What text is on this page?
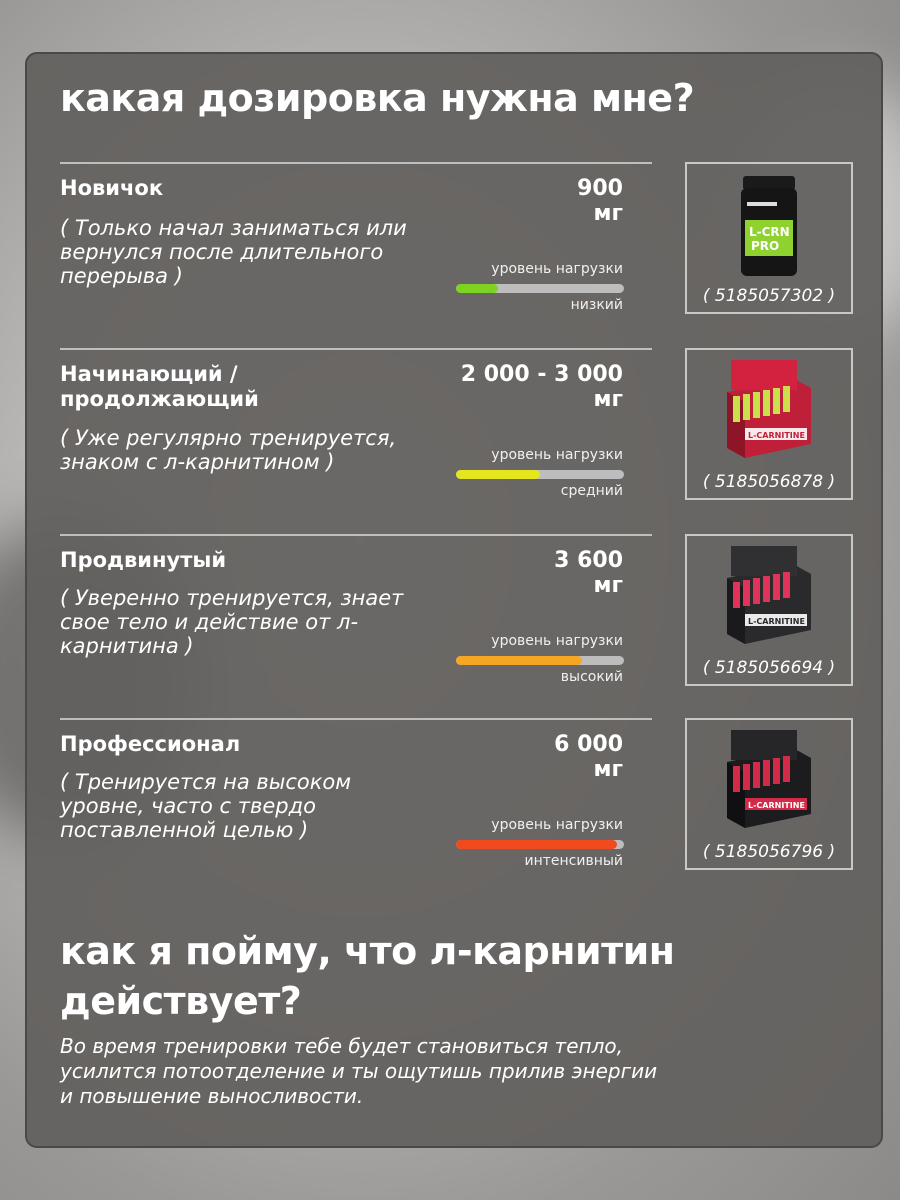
какая дозировка нужна мне?
Новичок
( Только начал заниматься или вернулся после длительного перерыва )
900
мг
уровень нагрузки
низкий
L-CRN
PRO
( 5185057302 )
Начинающий / продолжающий
( Уже регулярно тренируется, знаком с л-карнитином )
2 000 - 3 000
мг
уровень нагрузки
средний
L-CARNITINE
( 5185056878 )
Продвинутый
( Уверенно тренируется, знает свое тело и действие от л-карнитина )
3 600
мг
уровень нагрузки
высокий
L-CARNITINE
( 5185056694 )
Профессионал
( Тренируется на высоком уровне, часто с твердо поставленной целью )
6 000
мг
уровень нагрузки
интенсивный
L-CARNITINE
( 5185056796 )
как я пойму, что л-карнитин действует?
Во время тренировки тебе будет становиться тепло, усилится потоотделение и ты ощутишь прилив энергии и повышение выносливости.
